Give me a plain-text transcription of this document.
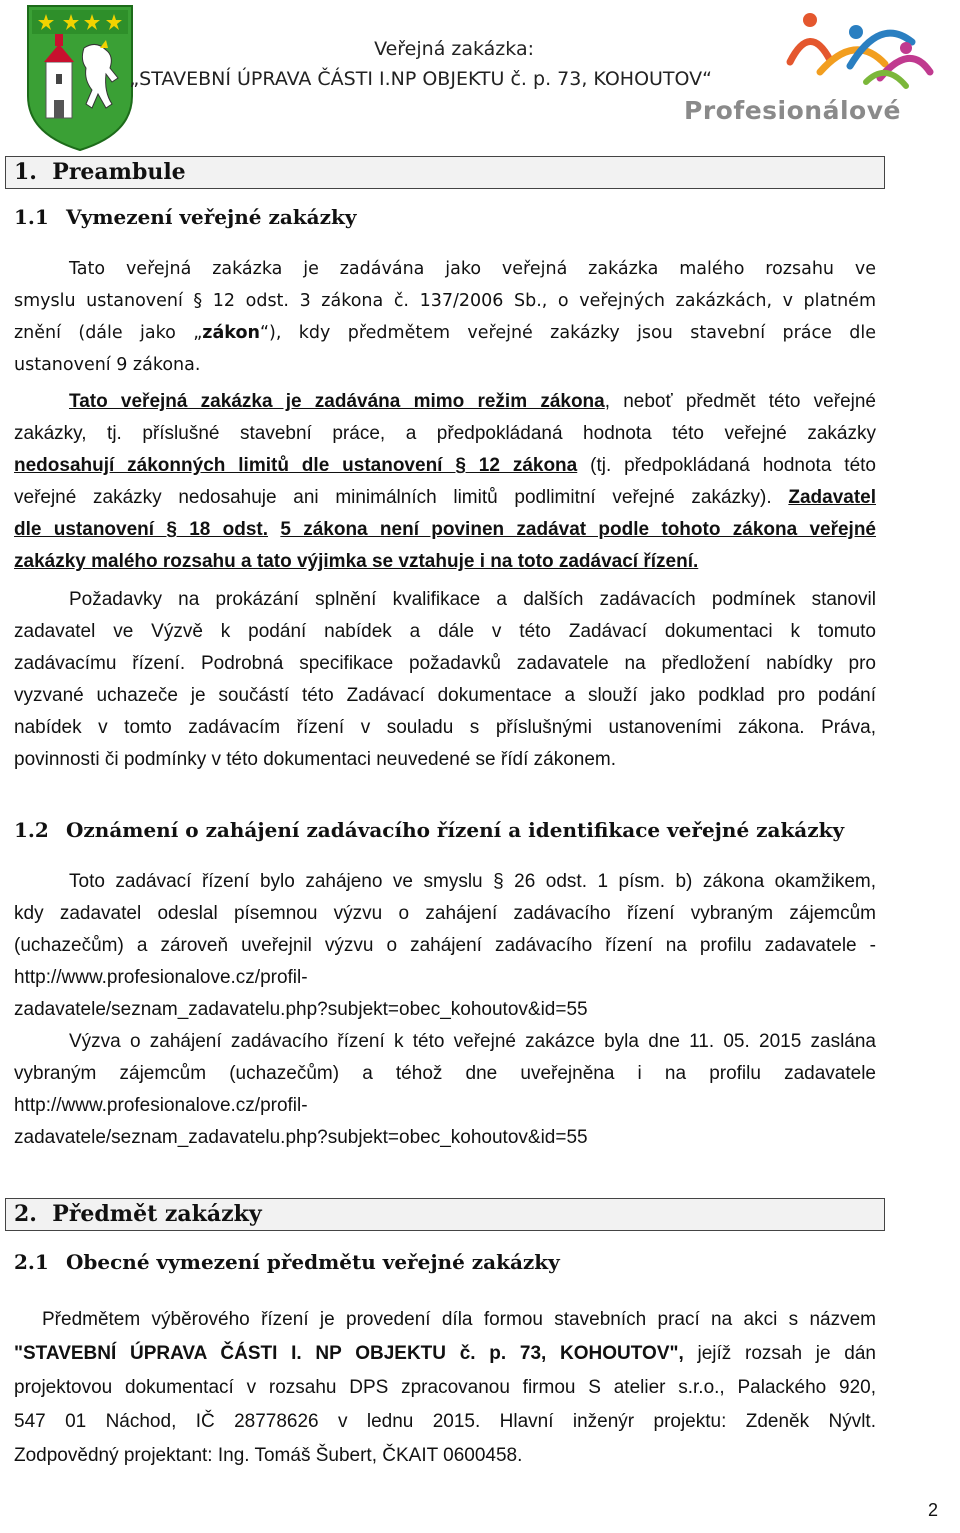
Veřejná zakázka:
„STAVEBNÍ ÚPRAVA ČÁSTI I.NP OBJEKTU č. p. 73, KOHOUTOV“
Profesionálové
1.  Preambule
1.1 Vymezení veřejné zakázky
Tato veřejná zakázka je zadávána jako veřejná zakázka malého rozsahu ve
smyslu ustanovení § 12 odst. 3 zákona č. 137/2006 Sb., o veřejných zakázkách, v platném
znění (dále jako „zákon“), kdy předmětem veřejné zakázky jsou stavební práce dle
ustanovení 9 zákona.
Tato veřejná zakázka je zadávána mimo režim zákona, neboť předmět této veřejné
zakázky, tj. příslušné stavební práce, a předpokládaná hodnota této veřejné zakázky
nedosahují zákonných limitů dle ustanovení § 12 zákona (tj. předpokládaná hodnota této
veřejné zakázky nedosahuje ani minimálních limitů podlimitní veřejné zakázky). Zadavatel
dle ustanovení § 18 odst. 5 zákona není povinen zadávat podle tohoto zákona veřejné
zakázky malého rozsahu a tato výjimka se vztahuje i na toto zadávací řízení.
Požadavky na prokázání splnění kvalifikace a dalších zadávacích podmínek stanovil
zadavatel ve Výzvě k podání nabídek a dále v této Zadávací dokumentaci k tomuto
zadávacímu řízení. Podrobná specifikace požadavků zadavatele na předložení nabídky pro
vyzvané uchazeče je součástí této Zadávací dokumentace a slouží jako podklad pro podání
nabídek v tomto zadávacím řízení v souladu s příslušnými ustanoveními zákona. Práva,
povinnosti či podmínky v této dokumentaci neuvedené se řídí zákonem.
1.2 Oznámení o zahájení zadávacího řízení a identifikace veřejné zakázky
Toto zadávací řízení bylo zahájeno ve smyslu § 26 odst. 1 písm. b) zákona okamžikem,
kdy zadavatel odeslal písemnou výzvu o zahájení zadávacího řízení vybraným zájemcům
(uchazečům) a zároveň uveřejnil výzvu o zahájení zadávacího řízení na profilu zadavatele -
http://www.profesionalove.cz/profil-
zadavatele/seznam_zadavatelu.php?subjekt=obec_kohoutov&id=55
Výzva o zahájení zadávacího řízení k této veřejné zakázce byla dne 11. 05. 2015 zaslána
vybraným zájemcům (uchazečům) a téhož dne uveřejněna i na profilu zadavatele
http://www.profesionalove.cz/profil-
zadavatele/seznam_zadavatelu.php?subjekt=obec_kohoutov&id=55
2.  Předmět zakázky
2.1 Obecné vymezení předmětu veřejné zakázky
Předmětem výběrového řízení je provedení díla formou stavebních prací na akci s názvem
"STAVEBNÍ ÚPRAVA ČÁSTI I. NP OBJEKTU č. p. 73, KOHOUTOV", jejíž rozsah je dán
projektovou dokumentací v rozsahu DPS zpracovanou firmou S atelier s.r.o., Palackého 920,
547 01 Náchod, IČ 28778626 v lednu 2015. Hlavní inženýr projektu: Zdeněk Nývlt.
Zodpovědný projektant: Ing. Tomáš Šubert, ČKAIT 0600458.
2
